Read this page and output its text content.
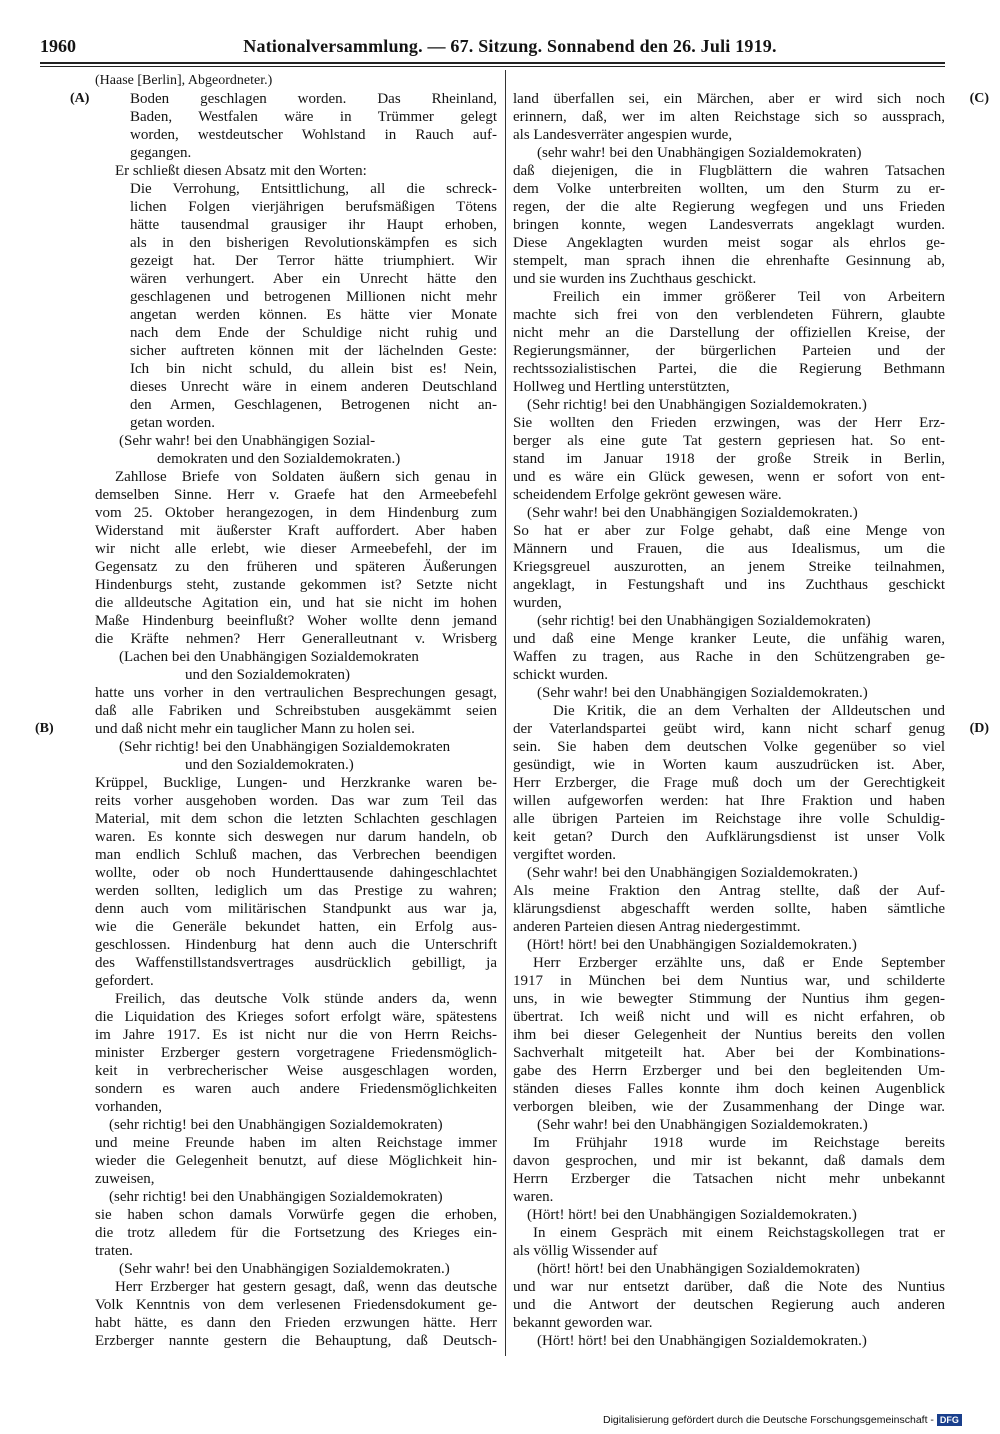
1960	Nationalversammlung. — 67. Sitzung. Sonnabend den 26. Juli 1919.
(Haase [Berlin], Abgeordneter.)
Boden geschlagen worden. Das Rheinland,
(A)
Baden, Westfalen wäre in Trümmer gelegt
worden, westdeutscher Wohlstand in Rauch auf-
gegangen.
Er schließt diesen Absatz mit den Worten:
Die Verrohung, Entsittlichung, all die schreck-
lichen Folgen vierjährigen berufsmäßigen Tötens
hätte tausendmal grausiger ihr Haupt erhoben,
als in den bisherigen Revolutionskämpfen es sich
gezeigt hat. Der Terror hätte triumphiert. Wir
wären verhungert. Aber ein Unrecht hätte den
geschlagenen und betrogenen Millionen nicht mehr
angetan werden können. Es hätte vier Monate
nach dem Ende der Schuldige nicht ruhig und
sicher auftreten können mit der lächelnden Geste:
Ich bin nicht schuld, du allein bist es! Nein,
dieses Unrecht wäre in einem anderen Deutschland
den Armen, Geschlagenen, Betrogenen nicht an-
getan worden.
(Sehr wahr! bei den Unabhängigen Sozial-
demokraten und den Sozialdemokraten.)
Zahllose Briefe von Soldaten äußern sich genau in
demselben Sinne. Herr v. Graefe hat den Armeebefehl
vom 25. Oktober herangezogen, in dem Hindenburg zum
Widerstand mit äußerster Kraft auffordert. Aber haben
wir nicht alle erlebt, wie dieser Armeebefehl, der im
Gegensatz zu den früheren und späteren Äußerungen
Hindenburgs steht, zustande gekommen ist? Setzte nicht
die alldeutsche Agitation ein, und hat sie nicht im hohen
Maße Hindenburg beeinflußt? Woher wollte denn jemand
die Kräfte nehmen? Herr Generalleutnant v. Wrisberg
(Lachen bei den Unabhängigen Sozialdemokraten
und den Sozialdemokraten)
hatte uns vorher in den vertraulichen Besprechungen gesagt,
daß alle Fabriken und Schreibstuben ausgekämmt seien
und daß nicht mehr ein tauglicher Mann zu holen sei.
(B)
(Sehr richtig! bei den Unabhängigen Sozialdemokraten
und den Sozialdemokraten.)
Krüppel, Bucklige, Lungen- und Herzkranke waren be-
reits vorher ausgehoben worden. Das war zum Teil das
Material, mit dem schon die letzten Schlachten geschlagen
waren. Es konnte sich deswegen nur darum handeln, ob
man endlich Schluß machen, das Verbrechen beendigen
wollte, oder ob noch Hunderttausende dahingeschlachtet
werden sollten, lediglich um das Prestige zu wahren;
denn auch vom militärischen Standpunkt aus war ja,
wie die Generäle bekundet hatten, ein Erfolg aus-
geschlossen. Hindenburg hat denn auch die Unterschrift
des Waffenstillstandsvertrages ausdrücklich gebilligt, ja
gefordert.
Freilich, das deutsche Volk stünde anders da, wenn
die Liquidation des Krieges sofort erfolgt wäre, spätestens
im Jahre 1917. Es ist nicht nur die von Herrn Reichs-
minister Erzberger gestern vorgetragene Friedensmöglich-
keit in verbrecherischer Weise ausgeschlagen worden,
sondern es waren auch andere Friedensmöglichkeiten
vorhanden,
(sehr richtig! bei den Unabhängigen Sozialdemokraten)
und meine Freunde haben im alten Reichstage immer
wieder die Gelegenheit benutzt, auf diese Möglichkeit hin-
zuweisen,
(sehr richtig! bei den Unabhängigen Sozialdemokraten)
sie haben schon damals Vorwürfe gegen die erhoben,
die trotz alledem für die Fortsetzung des Krieges ein-
traten.
(Sehr wahr! bei den Unabhängigen Sozialdemokraten.)
Herr Erzberger hat gestern gesagt, daß, wenn das deutsche
Volk Kenntnis von dem verlesenen Friedensdokument ge-
habt hätte, es dann den Frieden erzwungen hätte. Herr
Erzberger nannte gestern die Behauptung, daß Deutsch-
land überfallen sei, ein Märchen, aber er wird sich noch (C)
erinnern, daß, wer im alten Reichstage sich so aussprach,
als Landesverräter angespien wurde,
(sehr wahr! bei den Unabhängigen Sozialdemokraten)
daß diejenigen, die in Flugblättern die wahren Tatsachen
dem Volke unterbreiten wollten, um den Sturm zu er-
regen, der die alte Regierung wegfegen und uns Frieden
bringen konnte, wegen Landesverrats angeklagt wurden.
Diese Angeklagten wurden meist sogar als ehrlos ge-
stempelt, man sprach ihnen die ehrenhafte Gesinnung ab,
und sie wurden ins Zuchthaus geschickt.
Freilich ein immer größerer Teil von Arbeitern
machte sich frei von den verblendeten Führern, glaubte
nicht mehr an die Darstellung der offiziellen Kreise, der
Regierungsmänner, der bürgerlichen Parteien und der
rechtssozialistischen Partei, die die Regierung Bethmann
Hollweg und Hertling unterstützten,
(Sehr richtig! bei den Unabhängigen Sozialdemokraten.)
Sie wollten den Frieden erzwingen, was der Herr Erz-
berger als eine gute Tat gestern gepriesen hat. So ent-
stand im Januar 1918 der große Streik in Berlin,
und es wäre ein Glück gewesen, wenn er sofort von ent-
scheidendem Erfolge gekrönt gewesen wäre.
(Sehr wahr! bei den Unabhängigen Sozialdemokraten.)
So hat er aber zur Folge gehabt, daß eine Menge von
Männern und Frauen, die aus Idealismus, um die
Kriegsgreuel auszurotten, an jenem Streike teilnahmen,
angeklagt, in Festungshaft und ins Zuchthaus geschickt
wurden,
(sehr richtig! bei den Unabhängigen Sozialdemokraten)
und daß eine Menge kranker Leute, die unfähig waren,
Waffen zu tragen, aus Rache in den Schützengraben ge-
schickt wurden.
(Sehr wahr! bei den Unabhängigen Sozialdemokraten.)
Die Kritik, die an dem Verhalten der Alldeutschen und
der Vaterlandspartei geübt wird, kann nicht scharf genug (D)
sein. Sie haben dem deutschen Volke gegenüber so viel
gesündigt, wie in Worten kaum auszudrücken ist. Aber,
Herr Erzberger, die Frage muß doch um der Gerechtigkeit
willen aufgeworfen werden: hat Ihre Fraktion und haben
alle übrigen Parteien im Reichstage ihre volle Schuldig-
keit getan? Durch den Aufklärungsdienst ist unser Volk
vergiftet worden.
(Sehr wahr! bei den Unabhängigen Sozialdemokraten.)
Als meine Fraktion den Antrag stellte, daß der Auf-
klärungsdienst abgeschafft werden sollte, haben sämtliche
anderen Parteien diesen Antrag niedergestimmt.
(Hört! hört! bei den Unabhängigen Sozialdemokraten.)
Herr Erzberger erzählte uns, daß er Ende September
1917 in München bei dem Nuntius war, und schilderte
uns, in wie bewegter Stimmung der Nuntius ihm gegen-
übertrat. Ich weiß nicht und will es nicht erfahren, ob
ihm bei dieser Gelegenheit der Nuntius bereits den vollen
Sachverhalt mitgeteilt hat. Aber bei der Kombinations-
gabe des Herrn Erzberger und bei den begleitenden Um-
ständen dieses Falles konnte ihm doch keinen Augenblick
verborgen bleiben, wie der Zusammenhang der Dinge war.
(Sehr wahr! bei den Unabhängigen Sozialdemokraten.)
Im Frühjahr 1918 wurde im Reichstage bereits
davon gesprochen, und mir ist bekannt, daß damals dem
Herrn Erzberger die Tatsachen nicht mehr unbekannt
waren.
(Hört! hört! bei den Unabhängigen Sozialdemokraten.)
In einem Gespräch mit einem Reichstagskollegen trat er
als völlig Wissender auf
(hört! hört! bei den Unabhängigen Sozialdemokraten)
und war nur entsetzt darüber, daß die Note des Nuntius
und die Antwort der deutschen Regierung auch anderen
bekannt geworden war.
(Hört! hört! bei den Unabhängigen Sozialdemokraten.)
Digitalisierung gefördert durch die Deutsche Forschungsgemeinschaft - DFG
